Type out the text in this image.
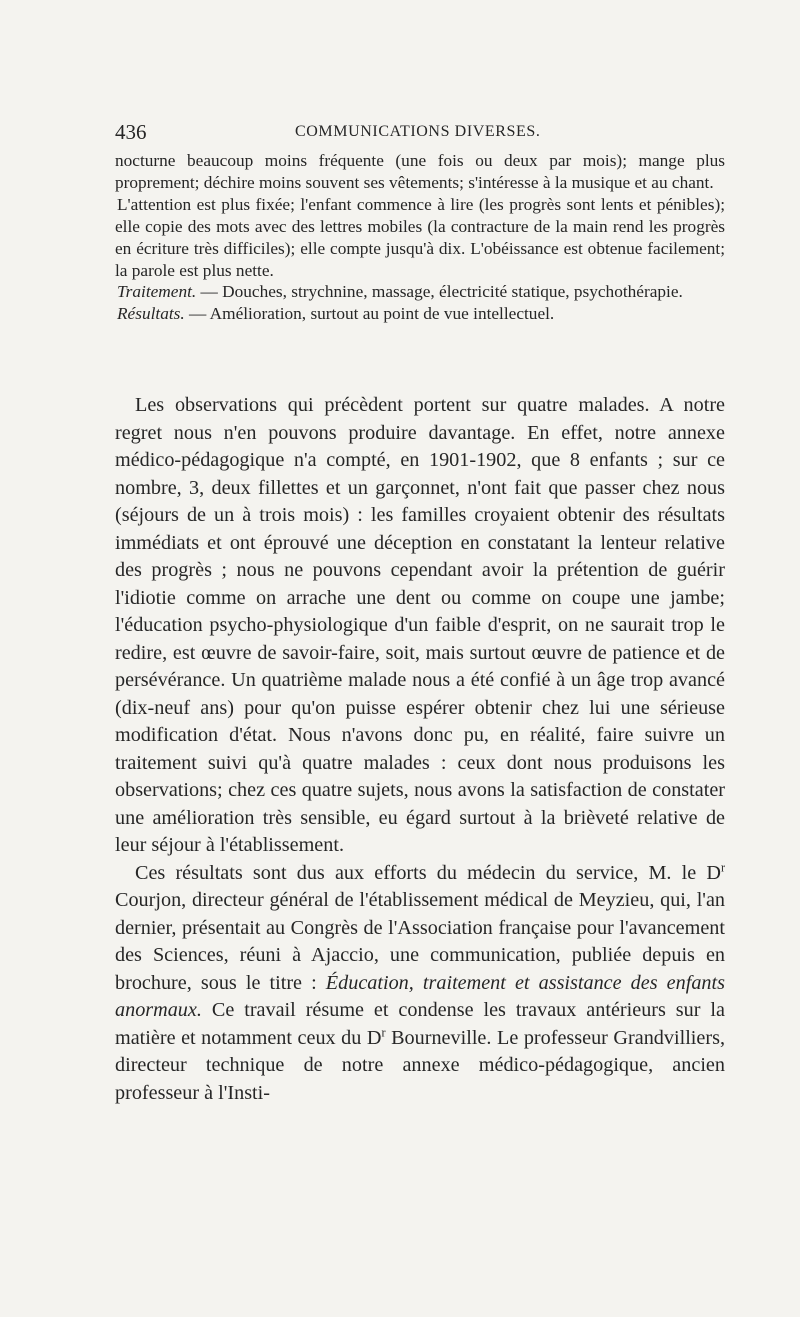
436	COMMUNICATIONS DIVERSES.

nocturne beaucoup moins fréquente (une fois ou deux par mois); mange plus proprement; déchire moins souvent ses vêtements; s'intéresse à la musique et au chant.

L'attention est plus fixée; l'enfant commence à lire (les progrès sont lents et pénibles); elle copie des mots avec des lettres mobiles (la contracture de la main rend les progrès en écriture très difficiles); elle compte jusqu'à dix. L'obéissance est obtenue facilement; la parole est plus nette.

Traitement. — Douches, strychnine, massage, électricité statique, psychothérapie.

Résultats. — Amélioration, surtout au point de vue intellectuel.

Les observations qui précèdent portent sur quatre malades. A notre regret nous n'en pouvons produire davantage. En effet, notre annexe médico-pédagogique n'a compté, en 1901-1902, que 8 enfants ; sur ce nombre, 3, deux fillettes et un garçonnet, n'ont fait que passer chez nous (séjours de un à trois mois) : les familles croyaient obtenir des résultats immédiats et ont éprouvé une déception en constatant la lenteur relative des progrès ; nous ne pouvons cependant avoir la prétention de guérir l'idiotie comme on arrache une dent ou comme on coupe une jambe; l'éducation psycho-physiologique d'un faible d'esprit, on ne saurait trop le redire, est œuvre de savoir-faire, soit, mais surtout œuvre de patience et de persévérance. Un quatrième malade nous a été confié à un âge trop avancé (dix-neuf ans) pour qu'on puisse espérer obtenir chez lui une sérieuse modification d'état. Nous n'avons donc pu, en réalité, faire suivre un traitement suivi qu'à quatre malades : ceux dont nous produisons les observations; chez ces quatre sujets, nous avons la satisfaction de constater une amélioration très sensible, eu égard surtout à la brièveté relative de leur séjour à l'établissement.

Ces résultats sont dus aux efforts du médecin du service, M. le $D^r$ Courjon, directeur général de l'établissement médical de Meyzieu, qui, l'an dernier, présentait au Congrès de l'Association française pour l'avancement des Sciences, réuni à Ajaccio, une communication, publiée depuis en brochure, sous le titre : Éducation, traitement et assistance des enfants anormaux. Ce travail résume et condense les travaux antérieurs sur la matière et notamment ceux du $D^r$ Bourneville. Le professeur Grandvilliers, directeur technique de notre annexe médico-pédagogique, ancien professeur à l'Insti-
